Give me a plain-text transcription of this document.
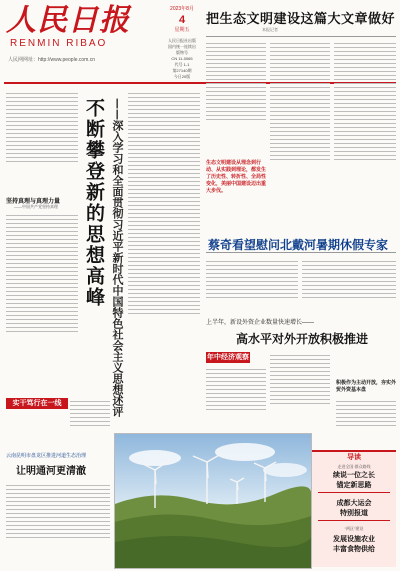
人民日报
RENMIN RIBAO
人民网网址：http://www.people.com.cn
2023年8月
4
星期五
人民日报社出版
国内统一连续出版物号
CN 11-0065
代号 1-1
第27140期
今日20版
把生态文明建设这篇大文章做好
本报记者
坚持真理与真理力量
——中国共产党坚持真理 不断攀登新的思想高峰 ——深入学习和全面贯彻习近平新时代中国特色社会主义思想述评	生态文明建设从理念到行动、从实践到理论，都发生了历史性、转折性、全局性变化，美丽中国建设迈出重大步伐。
蔡奇看望慰问北戴河暑期休假专家
上半年，新设外资企业数量快速增长——
高水平对外开放积极推进
年中经济观察
积极作为主动开放，夯实外贸外资基本盘
实干笃行在一线
云南昆明市盘龙区推进河道生态治理
让明通河更清澈
导读
走进全国·群众路线
续说一位之长
锚定新思路
成都大运会
特别报道
“两区”建设
发展设施农业
丰富食物供给
